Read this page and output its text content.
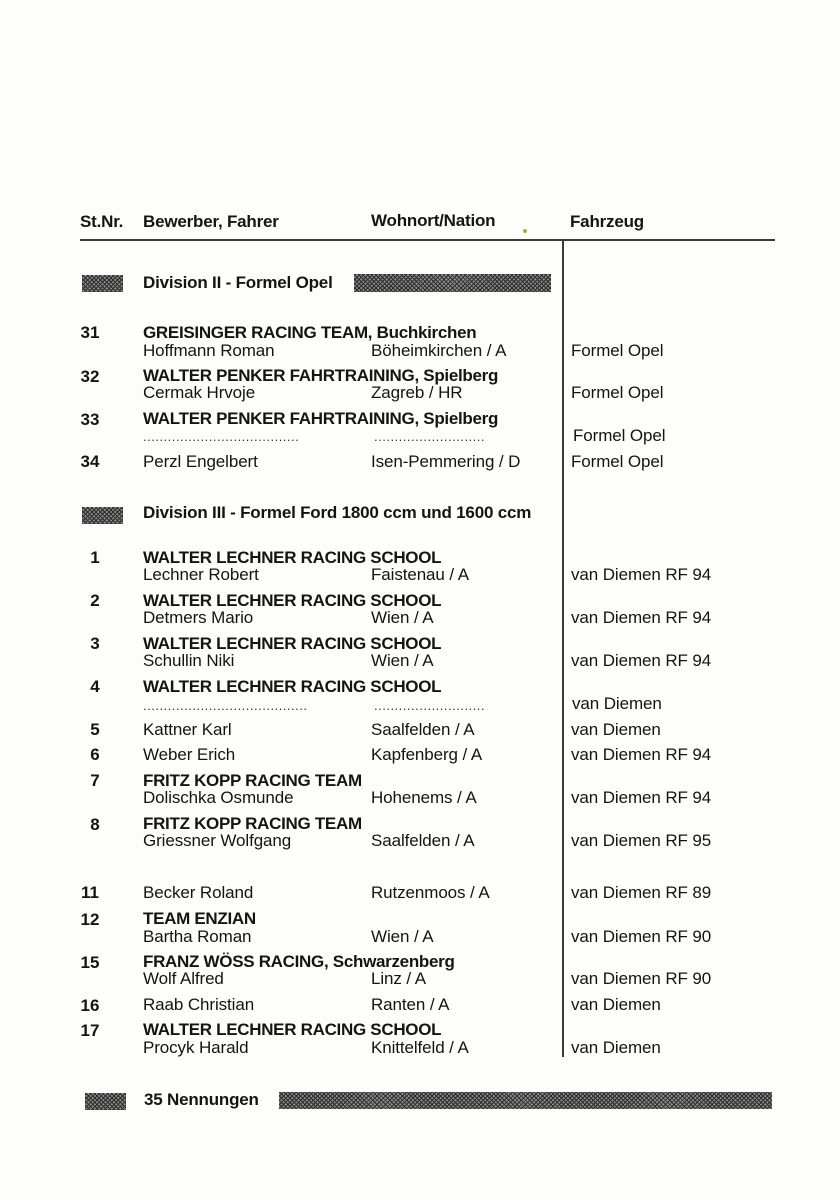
St.Nr. Bewerber, Fahrer	Wohnort/Nation	Fahrzeug
Division II - Formel Opel
31	GREISINGER RACING TEAM, Buchkirchen
Hoffmann Roman	Böheimkirchen / A	Formel Opel
32	WALTER PENKER FAHRTRAINING, Spielberg
Cermak Hrvoje	Zagreb / HR	Formel Opel
33	WALTER PENKER FAHRTRAINING, Spielberg
......................................	...........................	Formel Opel
34	Perzl Engelbert	Isen-Pemmering / D	Formel Opel
Division III - Formel Ford 1800 ccm und 1600 ccm
1	WALTER LECHNER RACING SCHOOL
Lechner Robert	Faistenau / A	van Diemen RF 94
2	WALTER LECHNER RACING SCHOOL
Detmers Mario	Wien / A	van Diemen RF 94
3	WALTER LECHNER RACING SCHOOL
Schullin Niki	Wien / A	van Diemen RF 94
4	WALTER LECHNER RACING SCHOOL
........................................	...........................	van Diemen
5	Kattner Karl	Saalfelden / A	van Diemen
6	Weber Erich	Kapfenberg / A	van Diemen RF 94
7	FRITZ KOPP RACING TEAM
Dolischka Osmunde	Hohenems / A	van Diemen RF 94
8	FRITZ KOPP RACING TEAM
Griessner Wolfgang	Saalfelden / A	van Diemen RF 95
11	Becker Roland	Rutzenmoos / A	van Diemen RF 89
12	TEAM ENZIAN
Bartha Roman	Wien / A	van Diemen RF 90
15	FRANZ WÖSS RACING, Schwarzenberg
Wolf Alfred	Linz / A	van Diemen RF 90
16	Raab Christian	Ranten / A	van Diemen
17	WALTER LECHNER RACING SCHOOL
Procyk Harald	Knittelfeld / A	van Diemen
35 Nennungen
